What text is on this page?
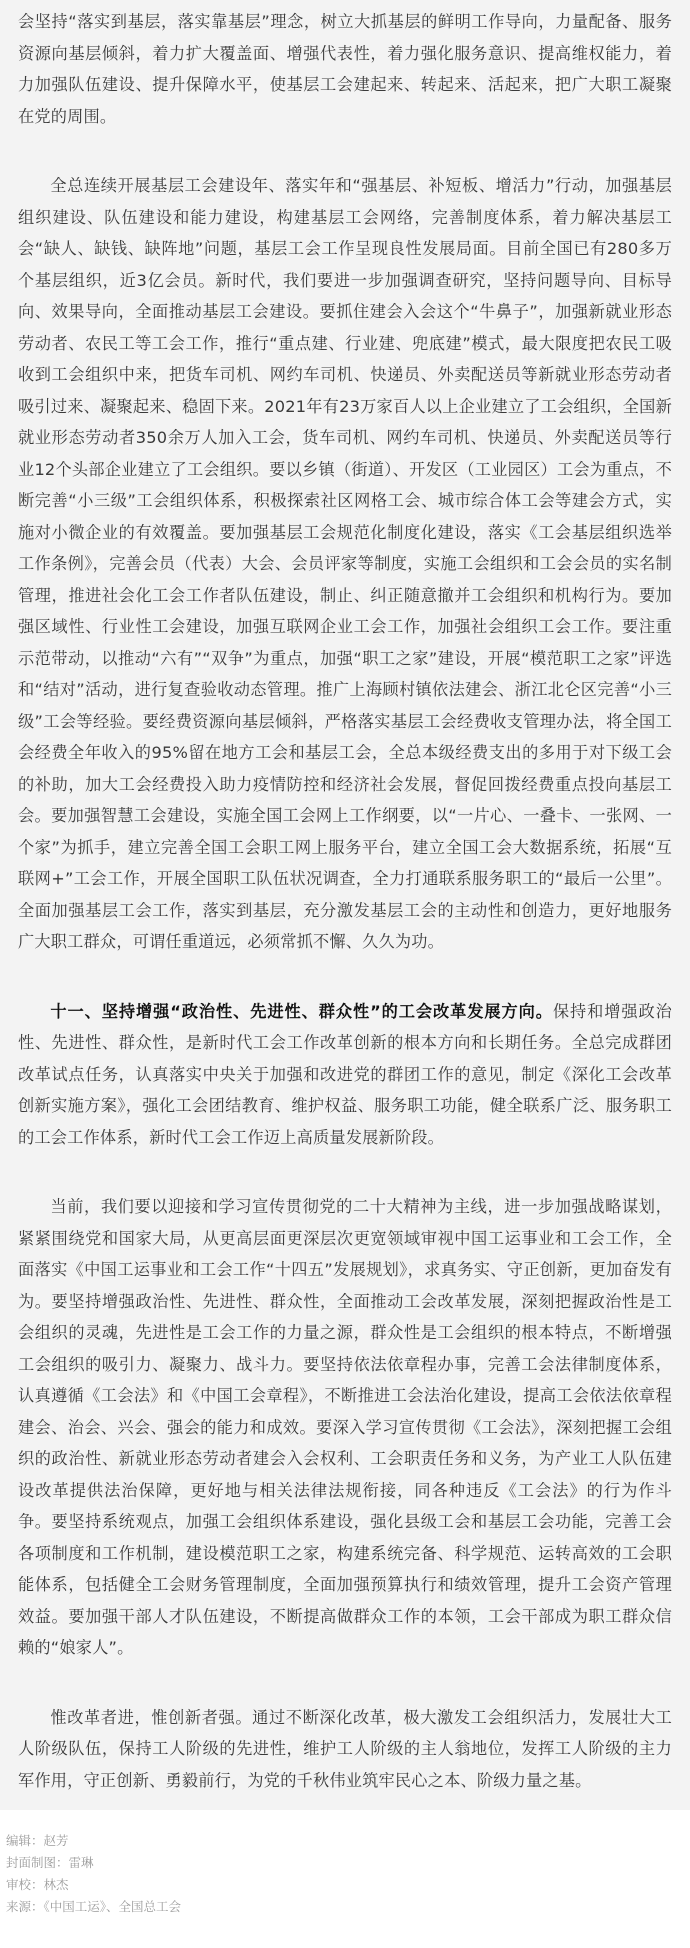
会坚持“落实到基层，落实靠基层”理念，树立大抓基层的鲜明工作导向，力量配备、服务资源向基层倾斜，着力扩大覆盖面、增强代表性，着力强化服务意识、提高维权能力，着力加强队伍建设、提升保障水平，使基层工会建起来、转起来、活起来，把广大职工凝聚在党的周围。

全总连续开展基层工会建设年、落实年和“强基层、补短板、增活力”行动，加强基层组织建设、队伍建设和能力建设，构建基层工会网络，完善制度体系，着力解决基层工会“缺人、缺钱、缺阵地”问题，基层工会工作呈现良性发展局面。目前全国已有280多万个基层组织，近3亿会员。新时代，我们要进一步加强调查研究，坚持问题导向、目标导向、效果导向，全面推动基层工会建设。要抓住建会入会这个“牛鼻子”，加强新就业形态劳动者、农民工等工会工作，推行“重点建、行业建、兜底建”模式，最大限度把农民工吸收到工会组织中来，把货车司机、网约车司机、快递员、外卖配送员等新就业形态劳动者吸引过来、凝聚起来、稳固下来。2021年有23万家百人以上企业建立了工会组织，全国新就业形态劳动者350余万人加入工会，货车司机、网约车司机、快递员、外卖配送员等行业12个头部企业建立了工会组织。要以乡镇（街道）、开发区（工业园区）工会为重点，不断完善“小三级”工会组织体系，积极探索社区网格工会、城市综合体工会等建会方式，实施对小微企业的有效覆盖。要加强基层工会规范化制度化建设，落实《工会基层组织选举工作条例》，完善会员（代表）大会、会员评家等制度，实施工会组织和工会会员的实名制管理，推进社会化工会工作者队伍建设，制止、纠正随意撤并工会组织和机构行为。要加强区域性、行业性工会建设，加强互联网企业工会工作，加强社会组织工会工作。要注重示范带动，以推动“六有”“双争”为重点，加强“职工之家”建设，开展“模范职工之家”评选和“结对”活动，进行复查验收动态管理。推广上海顾村镇依法建会、浙江北仑区完善“小三级”工会等经验。要经费资源向基层倾斜，严格落实基层工会经费收支管理办法，将全国工会经费全年收入的95%留在地方工会和基层工会，全总本级经费支出的多用于对下级工会的补助，加大工会经费投入助力疫情防控和经济社会发展，督促回拨经费重点投向基层工会。要加强智慧工会建设，实施全国工会网上工作纲要，以“一片心、一叠卡、一张网、一个家”为抓手，建立完善全国工会职工网上服务平台，建立全国工会大数据系统，拓展“互联网+”工会工作，开展全国职工队伍状况调查，全力打通联系服务职工的“最后一公里”。全面加强基层工会工作，落实到基层，充分激发基层工会的主动性和创造力，更好地服务广大职工群众，可谓任重道远，必须常抓不懈、久久为功。

十一、坚持增强“政治性、先进性、群众性”的工会改革发展方向。保持和增强政治性、先进性、群众性，是新时代工会工作改革创新的根本方向和长期任务。全总完成群团改革试点任务，认真落实中央关于加强和改进党的群团工作的意见，制定《深化工会改革创新实施方案》，强化工会团结教育、维护权益、服务职工功能，健全联系广泛、服务职工的工会工作体系，新时代工会工作迈上高质量发展新阶段。

当前，我们要以迎接和学习宣传贯彻党的二十大精神为主线，进一步加强战略谋划，紧紧围绕党和国家大局，从更高层面更深层次更宽领域审视中国工运事业和工会工作，全面落实《中国工运事业和工会工作“十四五”发展规划》，求真务实、守正创新，更加奋发有为。要坚持增强政治性、先进性、群众性，全面推动工会改革发展，深刻把握政治性是工会组织的灵魂，先进性是工会工作的力量之源，群众性是工会组织的根本特点，不断增强工会组织的吸引力、凝聚力、战斗力。要坚持依法依章程办事，完善工会法律制度体系，认真遵循《工会法》和《中国工会章程》，不断推进工会法治化建设，提高工会依法依章程建会、治会、兴会、强会的能力和成效。要深入学习宣传贯彻《工会法》，深刻把握工会组织的政治性、新就业形态劳动者建会入会权利、工会职责任务和义务，为产业工人队伍建设改革提供法治保障，更好地与相关法律法规衔接，同各种违反《工会法》的行为作斗争。要坚持系统观点，加强工会组织体系建设，强化县级工会和基层工会功能，完善工会各项制度和工作机制，建设模范职工之家，构建系统完备、科学规范、运转高效的工会职能体系，包括健全工会财务管理制度，全面加强预算执行和绩效管理，提升工会资产管理效益。要加强干部人才队伍建设，不断提高做群众工作的本领，工会干部成为职工群众信赖的“娘家人”。

惟改革者进，惟创新者强。通过不断深化改革，极大激发工会组织活力，发展壮大工人阶级队伍，保持工人阶级的先进性，维护工人阶级的主人翁地位，发挥工人阶级的主力军作用，守正创新、勇毅前行，为党的千秋伟业筑牢民心之本、阶级力量之基。

编辑：赵芳
封面制图：雷琳
审校：林杰
来源：《中国工运》、全国总工会
